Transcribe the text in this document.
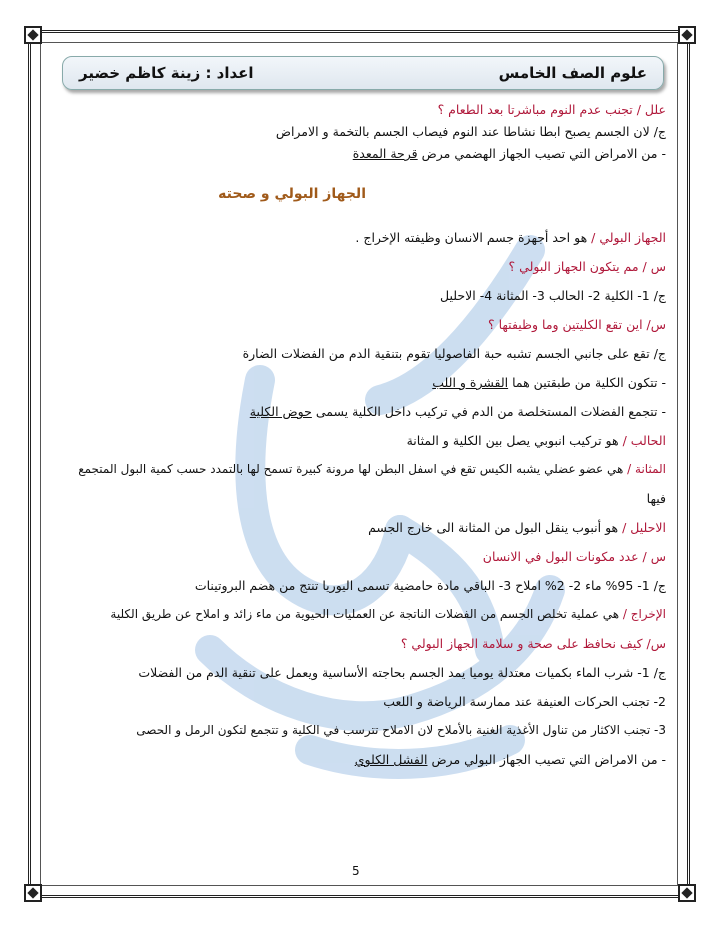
علوم الصف الخامس
اعداد : زينة كاظم خضير
علل / تجنب عدم النوم مباشرتا بعد الطعام ؟
ج/ لان الجسم يصبح ابطا نشاطا عند النوم فيصاب الجسم بالتخمة و الامراض
- من الامراض التي تصيب الجهاز الهضمي مرض قرحة المعدة
الجهاز البولي و صحته
الجهاز البولي / هو احد أجهزة جسم الانسان وظيفته الإخراج .
س / مم يتكون الجهاز البولي ؟
ج/ 1- الكلية 2- الحالب 3- المثانة 4- الاحليل
س/ اين تقع الكليتين وما وظيفتها ؟
ج/ تقع على جانبي الجسم تشبه حبة الفاصوليا تقوم بتنقية الدم من الفضلات الضارة
- تتكون الكلية من طبقتين هما القشرة و اللب
- تتجمع الفضلات المستخلصة من الدم في تركيب داخل الكلية يسمى حوض الكلية
الحالب / هو تركيب انبوبي يصل بين الكلية و المثانة
المثانة / هي عضو عضلي يشبه الكيس تقع في اسفل البطن لها مرونة كبيرة تسمح لها بالتمدد حسب كمية البول المتجمع
فيها
الاحليل / هو أنبوب ينقل البول من المثانة الى خارج الجسم
س / عدد مكونات البول في الانسان
ج/ 1- 95% ماء 2- 2% املاح 3- الباقي مادة حامضية تسمى اليوريا تنتج من هضم البروتينات
الإخراج / هي عملية تخلص الجسم من الفضلات الناتجة عن العمليات الحيوية من ماء زائد و املاح عن طريق الكلية
س/ كيف نحافظ على صحة و سلامة الجهاز البولي ؟
ج/ 1- شرب الماء بكميات معتدلة يوميا يمد الجسم بحاجته الأساسية ويعمل على تنقية الدم من الفضلات
2- تجنب الحركات العنيفة عند ممارسة الرياضة و اللعب
3- تجنب الاكثار من تناول الأغذية الغنية بالأملاح لان الاملاح تترسب في الكلية و تتجمع لتكون الرمل و الحصى
- من الامراض التي تصيب الجهاز البولي مرض الفشل الكلوي
5
